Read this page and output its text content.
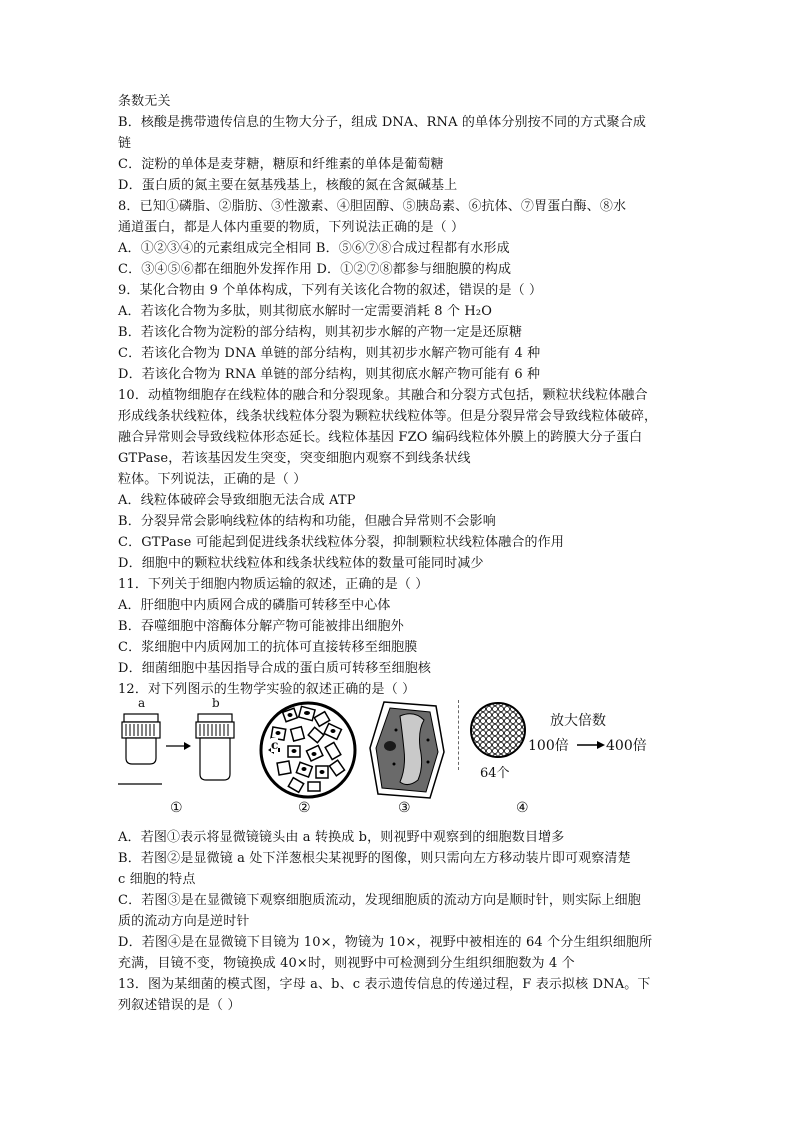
条数无关
B．核酸是携带遗传信息的生物大分子，组成 DNA、RNA 的单体分别按不同的方式聚合成
链
C．淀粉的单体是麦芽糖，糖原和纤维素的单体是葡萄糖
D．蛋白质的氮主要在氨基残基上，核酸的氮在含氮碱基上
8．已知①磷脂、②脂肪、③性激素、④胆固醇、⑤胰岛素、⑥抗体、⑦胃蛋白酶、⑧水
通道蛋白，都是人体内重要的物质，下列说法正确的是（ ）
A．①②③④的元素组成完全相同 B．⑤⑥⑦⑧合成过程都有水形成
C．③④⑤⑥都在细胞外发挥作用 D．①②⑦⑧都参与细胞膜的构成
9．某化合物由 9 个单体构成，下列有关该化合物的叙述，错误的是（ ）
A．若该化合物为多肽，则其彻底水解时一定需要消耗 8 个 H₂O
B．若该化合物为淀粉的部分结构，则其初步水解的产物一定是还原糖
C．若该化合物为 DNA 单链的部分结构，则其初步水解产物可能有 4 种
D．若该化合物为 RNA 单链的部分结构，则其彻底水解产物可能有 6 种
10．动植物细胞存在线粒体的融合和分裂现象。其融合和分裂方式包括，颗粒状线粒体融合
形成线条状线粒体，线条状线粒体分裂为颗粒状线粒体等。但是分裂异常会导致线粒体破碎，
融合异常则会导致线粒体形态延长。线粒体基因 FZO 编码线粒体外膜上的跨膜大分子蛋白
GTPase，若该基因发生突变，突变细胞内观察不到线条状线
粒体。下列说法，正确的是（ ）
A．线粒体破碎会导致细胞无法合成 ATP
B．分裂异常会影响线粒体的结构和功能，但融合异常则不会影响
C．GTPase 可能起到促进线条状线粒体分裂，抑制颗粒状线粒体融合的作用
D．细胞中的颗粒状线粒体和线条状线粒体的数量可能同时减少
11．下列关于细胞内物质运输的叙述，正确的是（ ）
A．肝细胞中内质网合成的磷脂可转移至中心体
B．吞噬细胞中溶酶体分解产物可能被排出细胞外
C．浆细胞中内质网加工的抗体可直接转移至细胞膜
D．细菌细胞中基因指导合成的蛋白质可转移至细胞核
12．对下列图示的生物学实验的叙述正确的是（ ）
a	b
①
c
②	③
放大倍数
100倍	400倍
64个
④
A．若图①表示将显微镜镜头由 a 转换成 b，则视野中观察到的细胞数目增多
B．若图②是显微镜 a 处下洋葱根尖某视野的图像，则只需向左方移动装片即可观察清楚
c 细胞的特点
C．若图③是在显微镜下观察细胞质流动，发现细胞质的流动方向是顺时针，则实际上细胞
质的流动方向是逆时针
D．若图④是在显微镜下目镜为 10×，物镜为 10×，视野中被相连的 64 个分生组织细胞所
充满，目镜不变，物镜换成 40×时，则视野中可检测到分生组织细胞数为 4 个
13．图为某细菌的模式图，字母 a、b、c 表示遗传信息的传递过程，F 表示拟核 DNA。下
列叙述错误的是（ ）
